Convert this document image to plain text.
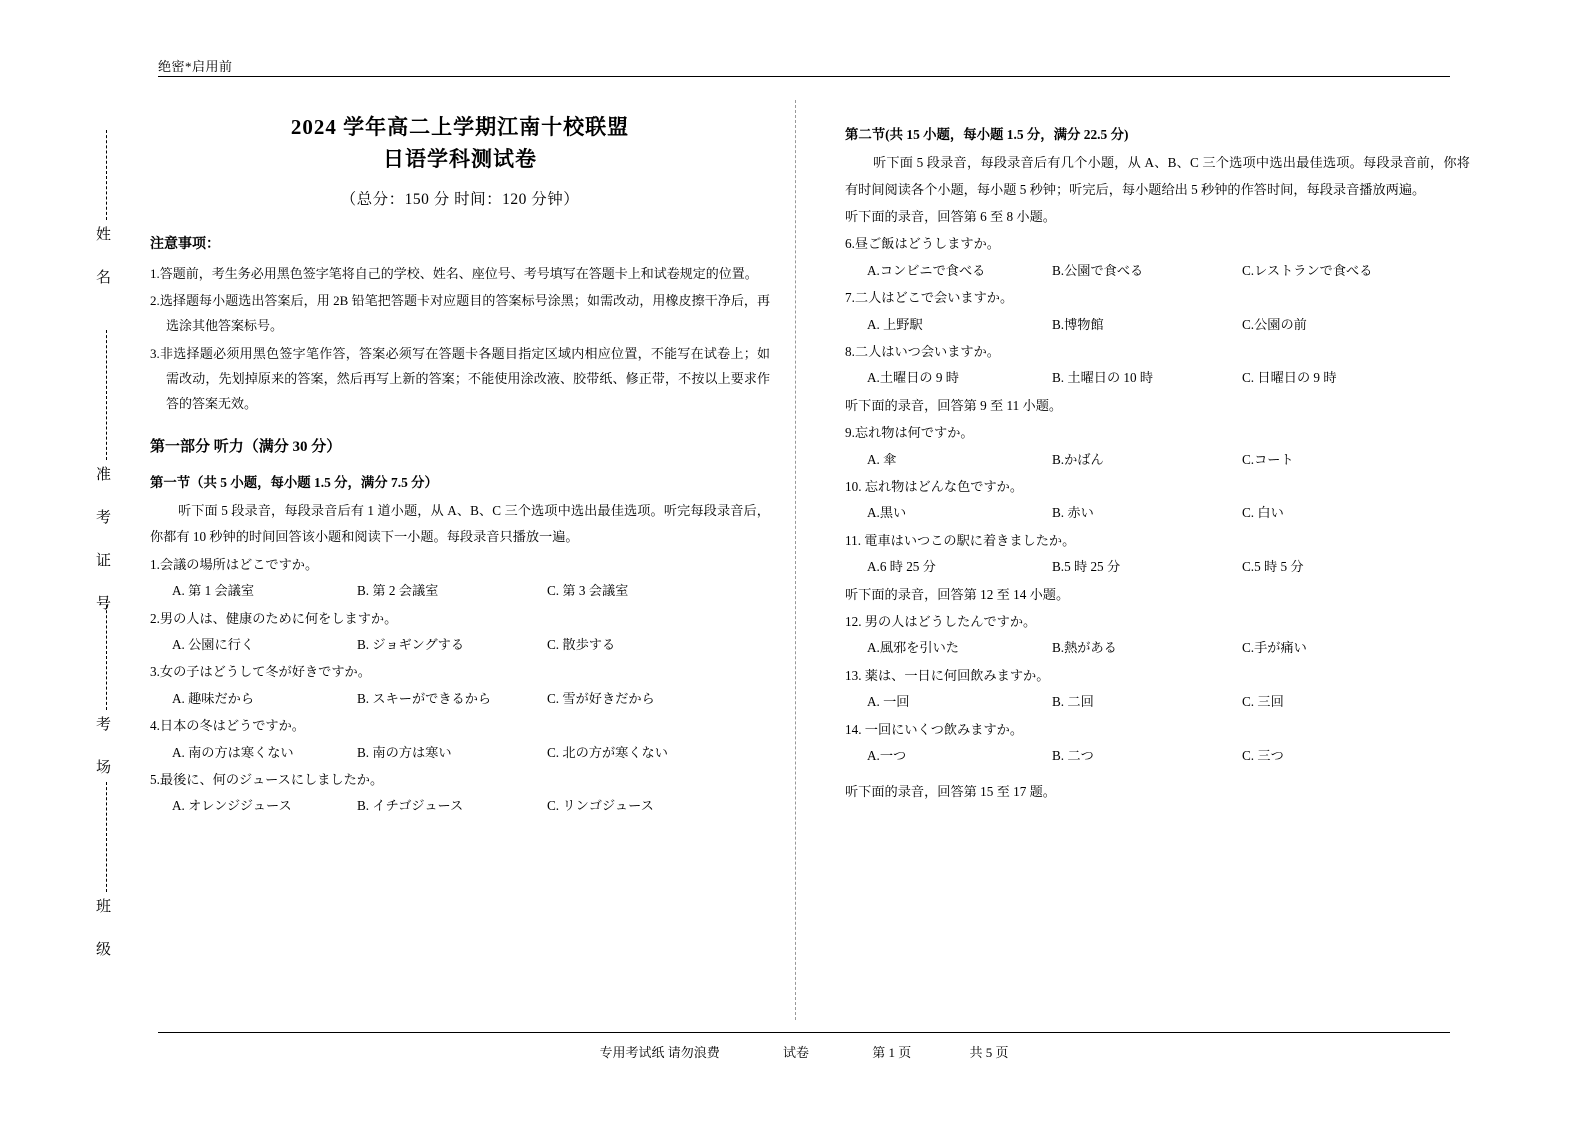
绝密*启用前
姓 名
准 考 证 号
考 场
班 级
2024 学年高二上学期江南十校联盟
日语学科测试卷
（总分：150 分 时间：120 分钟）
注意事项：
1.答题前，考生务必用黑色签字笔将自己的学校、姓名、座位号、考号填写在答题卡上和试卷规定的位置。
2.选择题每小题选出答案后，用 2B 铅笔把答题卡对应题目的答案标号涂黑；如需改动，用橡皮擦干净后，再选涂其他答案标号。
3.非选择题必须用黑色签字笔作答，答案必须写在答题卡各题目指定区域内相应位置，不能写在试卷上；如需改动，先划掉原来的答案，然后再写上新的答案；不能使用涂改液、胶带纸、修正带，不按以上要求作答的答案无效。
第一部分 听力（满分 30 分）
第一节（共 5 小题，每小题 1.5 分，满分 7.5 分）
听下面 5 段录音，每段录音后有 1 道小题，从 A、B、C 三个选项中选出最佳选项。听完每段录音后，你都有 10 秒钟的时间回答该小题和阅读下一小题。每段录音只播放一遍。
1.会議の場所はどこですか。
A. 第 1 会議室	B. 第 2 会議室	C. 第 3 会議室
2.男の人は、健康のために何をしますか。
A. 公園に行く	B. ジョギングする	C. 散歩する
3.女の子はどうして冬が好きですか。
A. 趣味だから	B. スキーができるから	C. 雪が好きだから
4.日本の冬はどうですか。
A. 南の方は寒くない	B. 南の方は寒い	C. 北の方が寒くない
5.最後に、何のジュースにしましたか。
A. オレンジジュース	B. イチゴジュース	C. リンゴジュース
第二节(共 15 小题，每小题 1.5 分，满分 22.5 分)
听下面 5 段录音，每段录音后有几个小题，从 A、B、C 三个选项中选出最佳选项。每段录音前，你将有时间阅读各个小题，每小题 5 秒钟；听完后，每小题给出 5 秒钟的作答时间，每段录音播放两遍。
听下面的录音，回答第 6 至 8 小题。
6.昼ご飯はどうしますか。
A.コンビニで食べる	B.公園で食べる	C.レストランで食べる
7.二人はどこで会いますか。
A. 上野駅	B.博物館	C.公園の前
8.二人はいつ会いますか。
A.土曜日の 9 時	B. 土曜日の 10 時	C. 日曜日の 9 時
听下面的录音，回答第 9 至 11 小题。
9.忘れ物は何ですか。
A. 傘	B.かばん	C.コート
10. 忘れ物はどんな色ですか。
A.黒い	B. 赤い	C. 白い
11. 電車はいつこの駅に着きましたか。
A.6 時 25 分	B.5 時 25 分	C.5 時 5 分
听下面的录音，回答第 12 至 14 小题。
12. 男の人はどうしたんですか。
A.風邪を引いた	B.熱がある	C.手が痛い
13. 薬は、一日に何回飲みますか。
A. 一回	B. 二回	C. 三回
14. 一回にいくつ飲みますか。
A.一つ	B. 二つ	C. 三つ
听下面的录音，回答第 15 至 17 题。
专用考试纸 请勿浪费	试卷	第 1 页	共 5 页
